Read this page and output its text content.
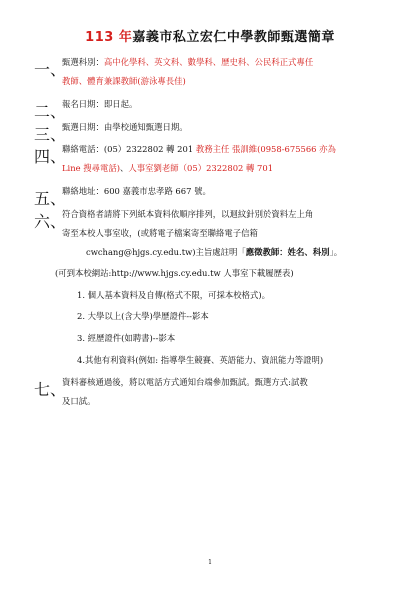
113 年嘉義市私立宏仁中學教師甄選簡章
一、
甄選科別：高中化學科、英文科、數學科、歷史科、公民科正式專任
教師、體育兼課教師(游泳專長佳)
二、
報名日期：即日起。
三、
甄選日期：由學校通知甄選日期。
四、
聯絡電話：(05）2322802 轉 201 教務主任 張訓維(0958-675566 亦為
Line 搜尋電話)、人事室劉老師（05）2322802 轉 701
五、
聯絡地址：600 嘉義市忠孝路 667 號。
六、
符合資格者請將下列紙本資料依順序排列，以迴紋針別於資料左上角
寄至本校人事室收，(或將電子檔案寄至聯絡電子信箱
cwchang@hjgs.cy.edu.tw)主旨處註明「應徵教師：姓名、科別」。
(可到本校網站:http://www.hjgs.cy.edu.tw 人事室下載履歷表)
1. 個人基本資料及自傳(格式不限，可採本校格式)。
2. 大學以上(含大學)學歷證件--影本
3. 經歷證件(如聘書)--影本
4.其他有利資料(例如: 指導學生競賽、英語能力、資訊能力等證明)
七、
資料審核通過後，將以電話方式通知台端參加甄試。甄選方式:試教
及口試。
1
